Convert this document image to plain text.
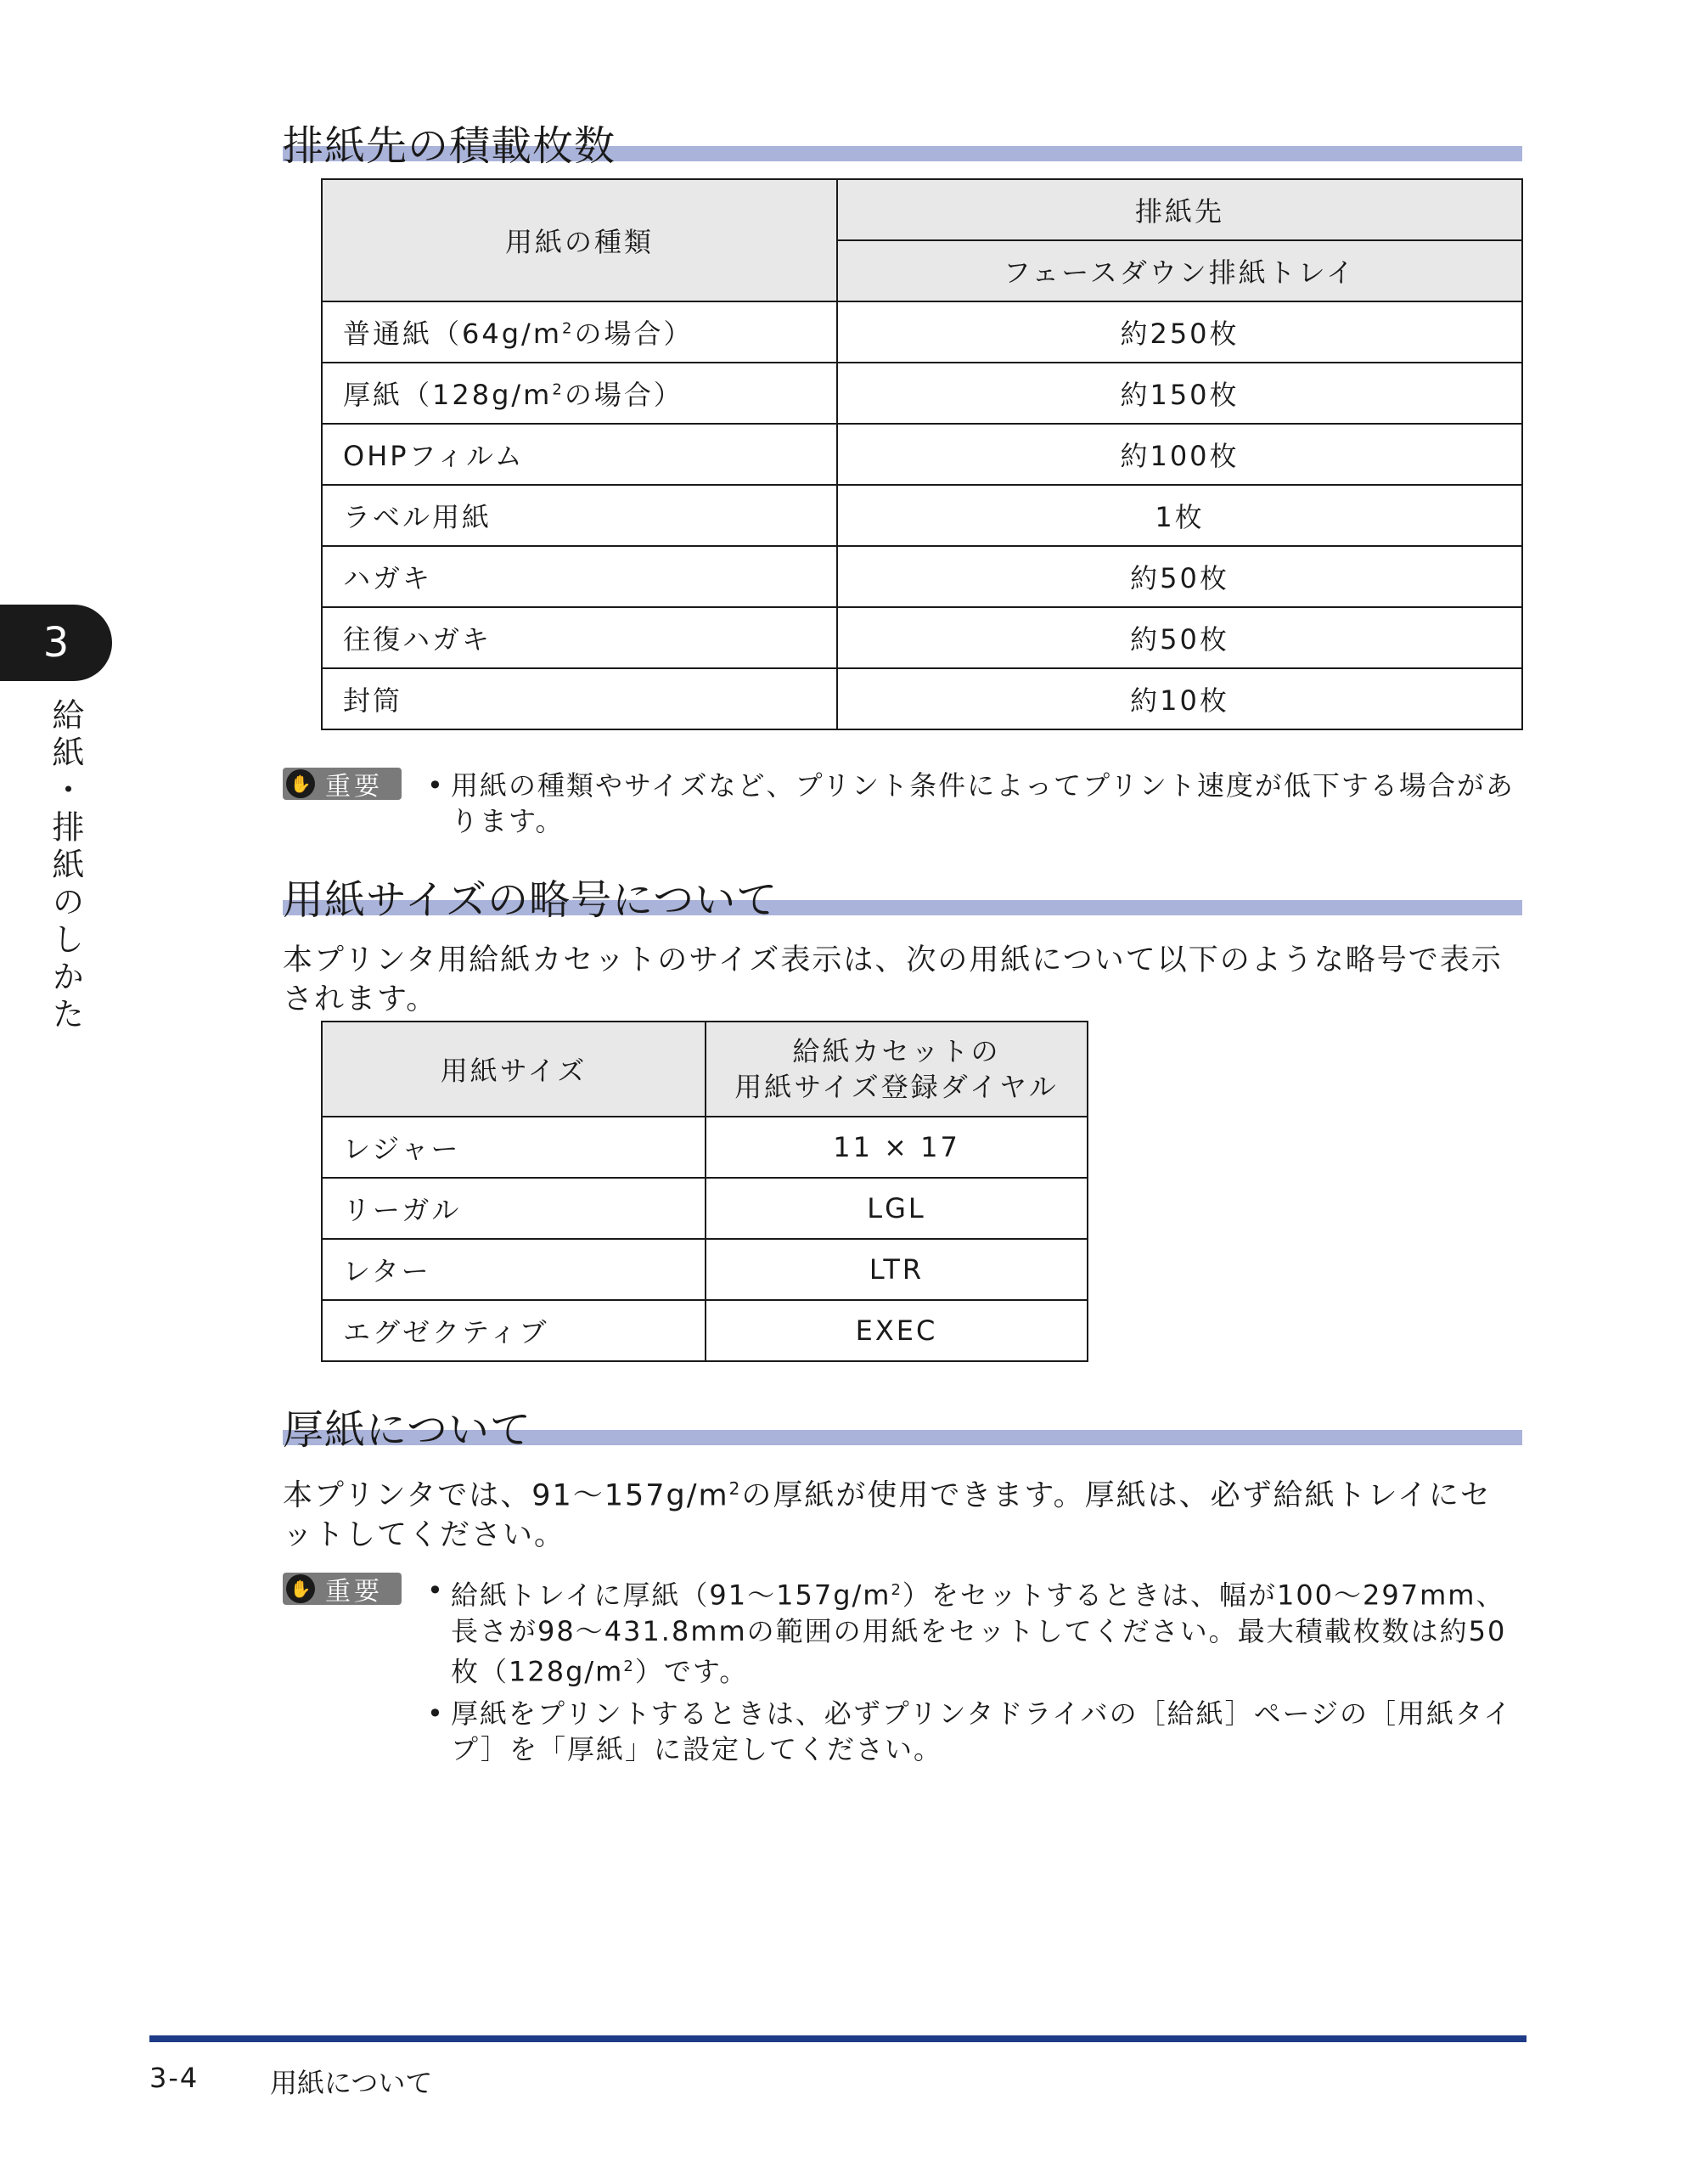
3
給紙・排紙のしかた
排紙先の積載枚数
用紙の種類	排紙先
	フェースダウン排紙トレイ
普通紙（$64g/m^2$の場合）	約250枚
厚紙（$128g/m^2$の場合）	約150枚
OHPフィルム	約100枚
ラベル用紙	1枚
ハガキ	約50枚
往復ハガキ	約50枚
封筒	約10枚
✋ 重要	• 用紙の種類やサイズなど、プリント条件によってプリント速度が低下する場合があります。
用紙サイズの略号について
本プリンタ用給紙カセットのサイズ表示は、次の用紙について以下のような略号で表示されます。
用紙サイズ	給紙カセットの
用紙サイズ登録ダイヤル
レジャー	11 × 17
リーガル	LGL
レター	LTR
エグゼクティブ	EXEC
厚紙について
本プリンタでは、$91\sim 157g/m^2$の厚紙が使用できます。厚紙は、必ず給紙トレイにセットしてください。
✋ 重要	• 給紙トレイに厚紙$(91\sim 157g/m^2)$をセットするときは、幅が100～297mm、長さが98～431.8mmの範囲の用紙をセットしてください。最大積載枚数は約50枚$(128g/m^2)$です。
• 厚紙をプリントするときは、必ずプリンタドライバの［給紙］ページの［用紙タイプ］を「厚紙」に設定してください。
3-4	用紙について
